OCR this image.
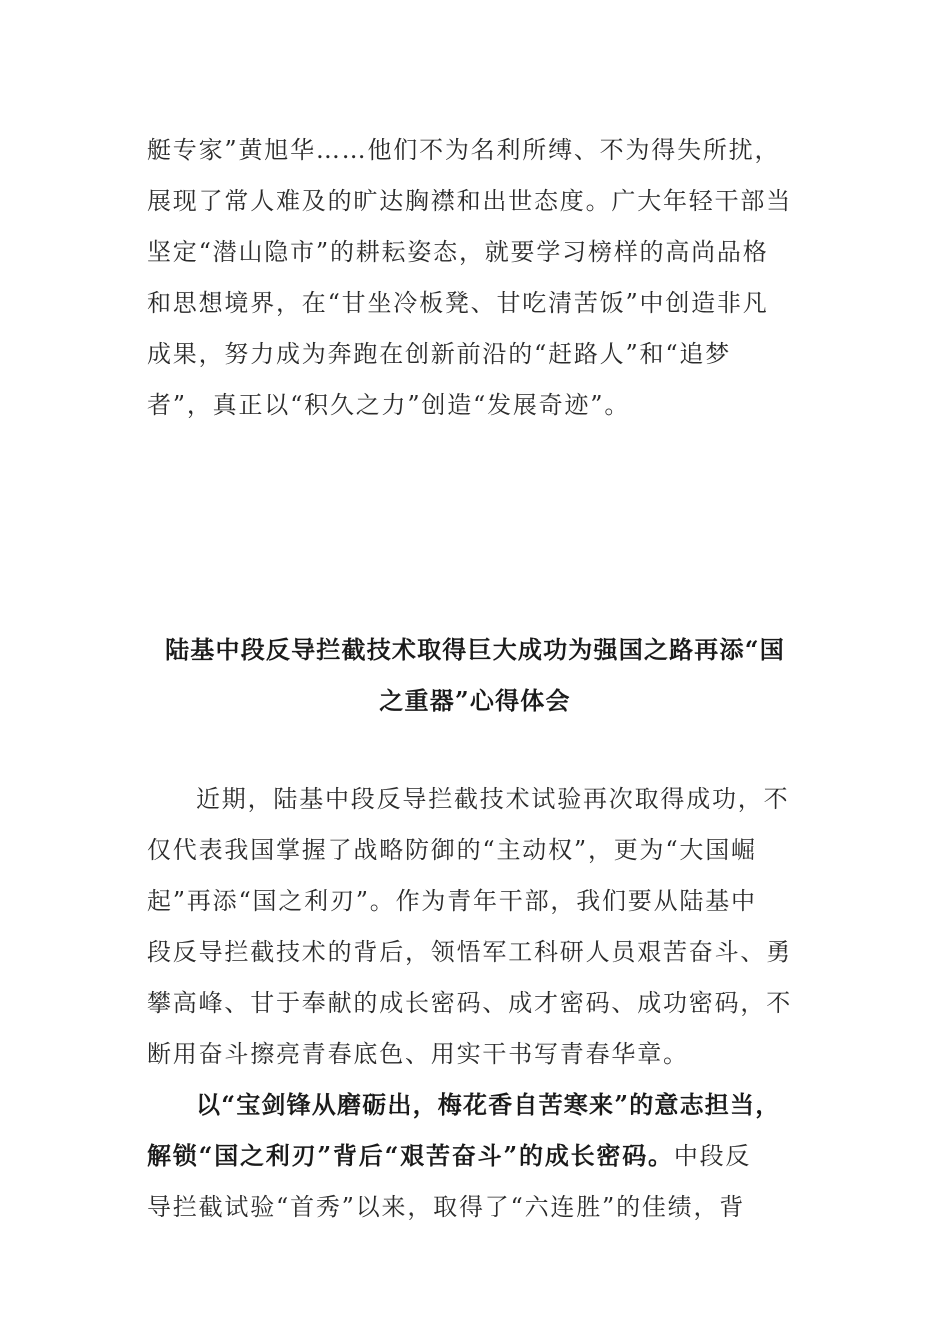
艇专家”黄旭华……他们不为名利所缚、不为得失所扰，
展现了常人难及的旷达胸襟和出世态度。广大年轻干部当
坚定“潜山隐市”的耕耘姿态，就要学习榜样的高尚品格
和思想境界，在“甘坐冷板凳、甘吃清苦饭”中创造非凡
成果，努力成为奔跑在创新前沿的“赶路人”和“追梦
者”，真正以“积久之力”创造“发展奇迹”。
陆基中段反导拦截技术取得巨大成功为强国之路再添“国
之重器”心得体会
近期，陆基中段反导拦截技术试验再次取得成功，不
仅代表我国掌握了战略防御的“主动权”，更为“大国崛
起”再添“国之利刃”。作为青年干部，我们要从陆基中
段反导拦截技术的背后，领悟军工科研人员艰苦奋斗、勇
攀高峰、甘于奉献的成长密码、成才密码、成功密码，不
断用奋斗擦亮青春底色、用实干书写青春华章。
以“宝剑锋从磨砺出，梅花香自苦寒来”的意志担当，
解锁“国之利刃”背后“艰苦奋斗”的成长密码。中段反
导拦截试验“首秀”以来，取得了“六连胜”的佳绩，背
